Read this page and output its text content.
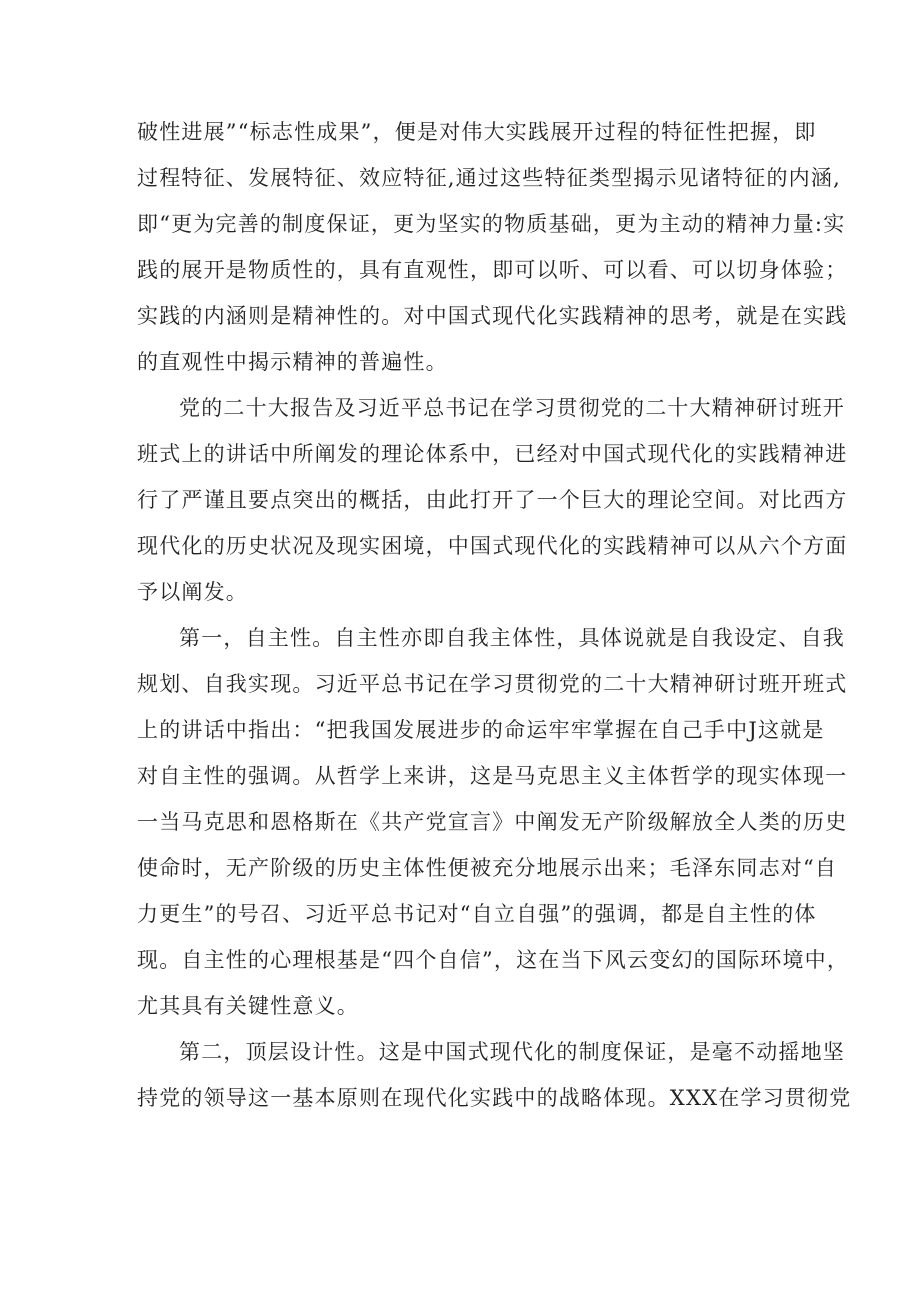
破性进展”“标志性成果”，便是对伟大实践展开过程的特征性把握，即
过程特征、发展特征、效应特征,通过这些特征类型揭示见诸特征的内涵,
即“更为完善的制度保证，更为坚实的物质基础，更为主动的精神力量:实
践的展开是物质性的，具有直观性，即可以听、可以看、可以切身体验；
实践的内涵则是精神性的。对中国式现代化实践精神的思考，就是在实践
的直观性中揭示精神的普遍性。
党的二十大报告及习近平总书记在学习贯彻党的二十大精神研讨班开
班式上的讲话中所阐发的理论体系中，已经对中国式现代化的实践精神进
行了严谨且要点突出的概括，由此打开了一个巨大的理论空间。对比西方
现代化的历史状况及现实困境，中国式现代化的实践精神可以从六个方面
予以阐发。
第一，自主性。自主性亦即自我主体性，具体说就是自我设定、自我
规划、自我实现。习近平总书记在学习贯彻党的二十大精神研讨班开班式
上的讲话中指出：“把我国发展进步的命运牢牢掌握在自己手中J这就是
对自主性的强调。从哲学上来讲，这是马克思主义主体哲学的现实体现一
一当马克思和恩格斯在《共产党宣言》中阐发无产阶级解放全人类的历史
使命时，无产阶级的历史主体性便被充分地展示出来；毛泽东同志对“自
力更生”的号召、习近平总书记对“自立自强”的强调，都是自主性的体
现。自主性的心理根基是“四个自信”，这在当下风云变幻的国际环境中，
尤其具有关键性意义。
第二，顶层设计性。这是中国式现代化的制度保证，是毫不动摇地坚
持党的领导这一基本原则在现代化实践中的战略体现。XXX在学习贯彻党
